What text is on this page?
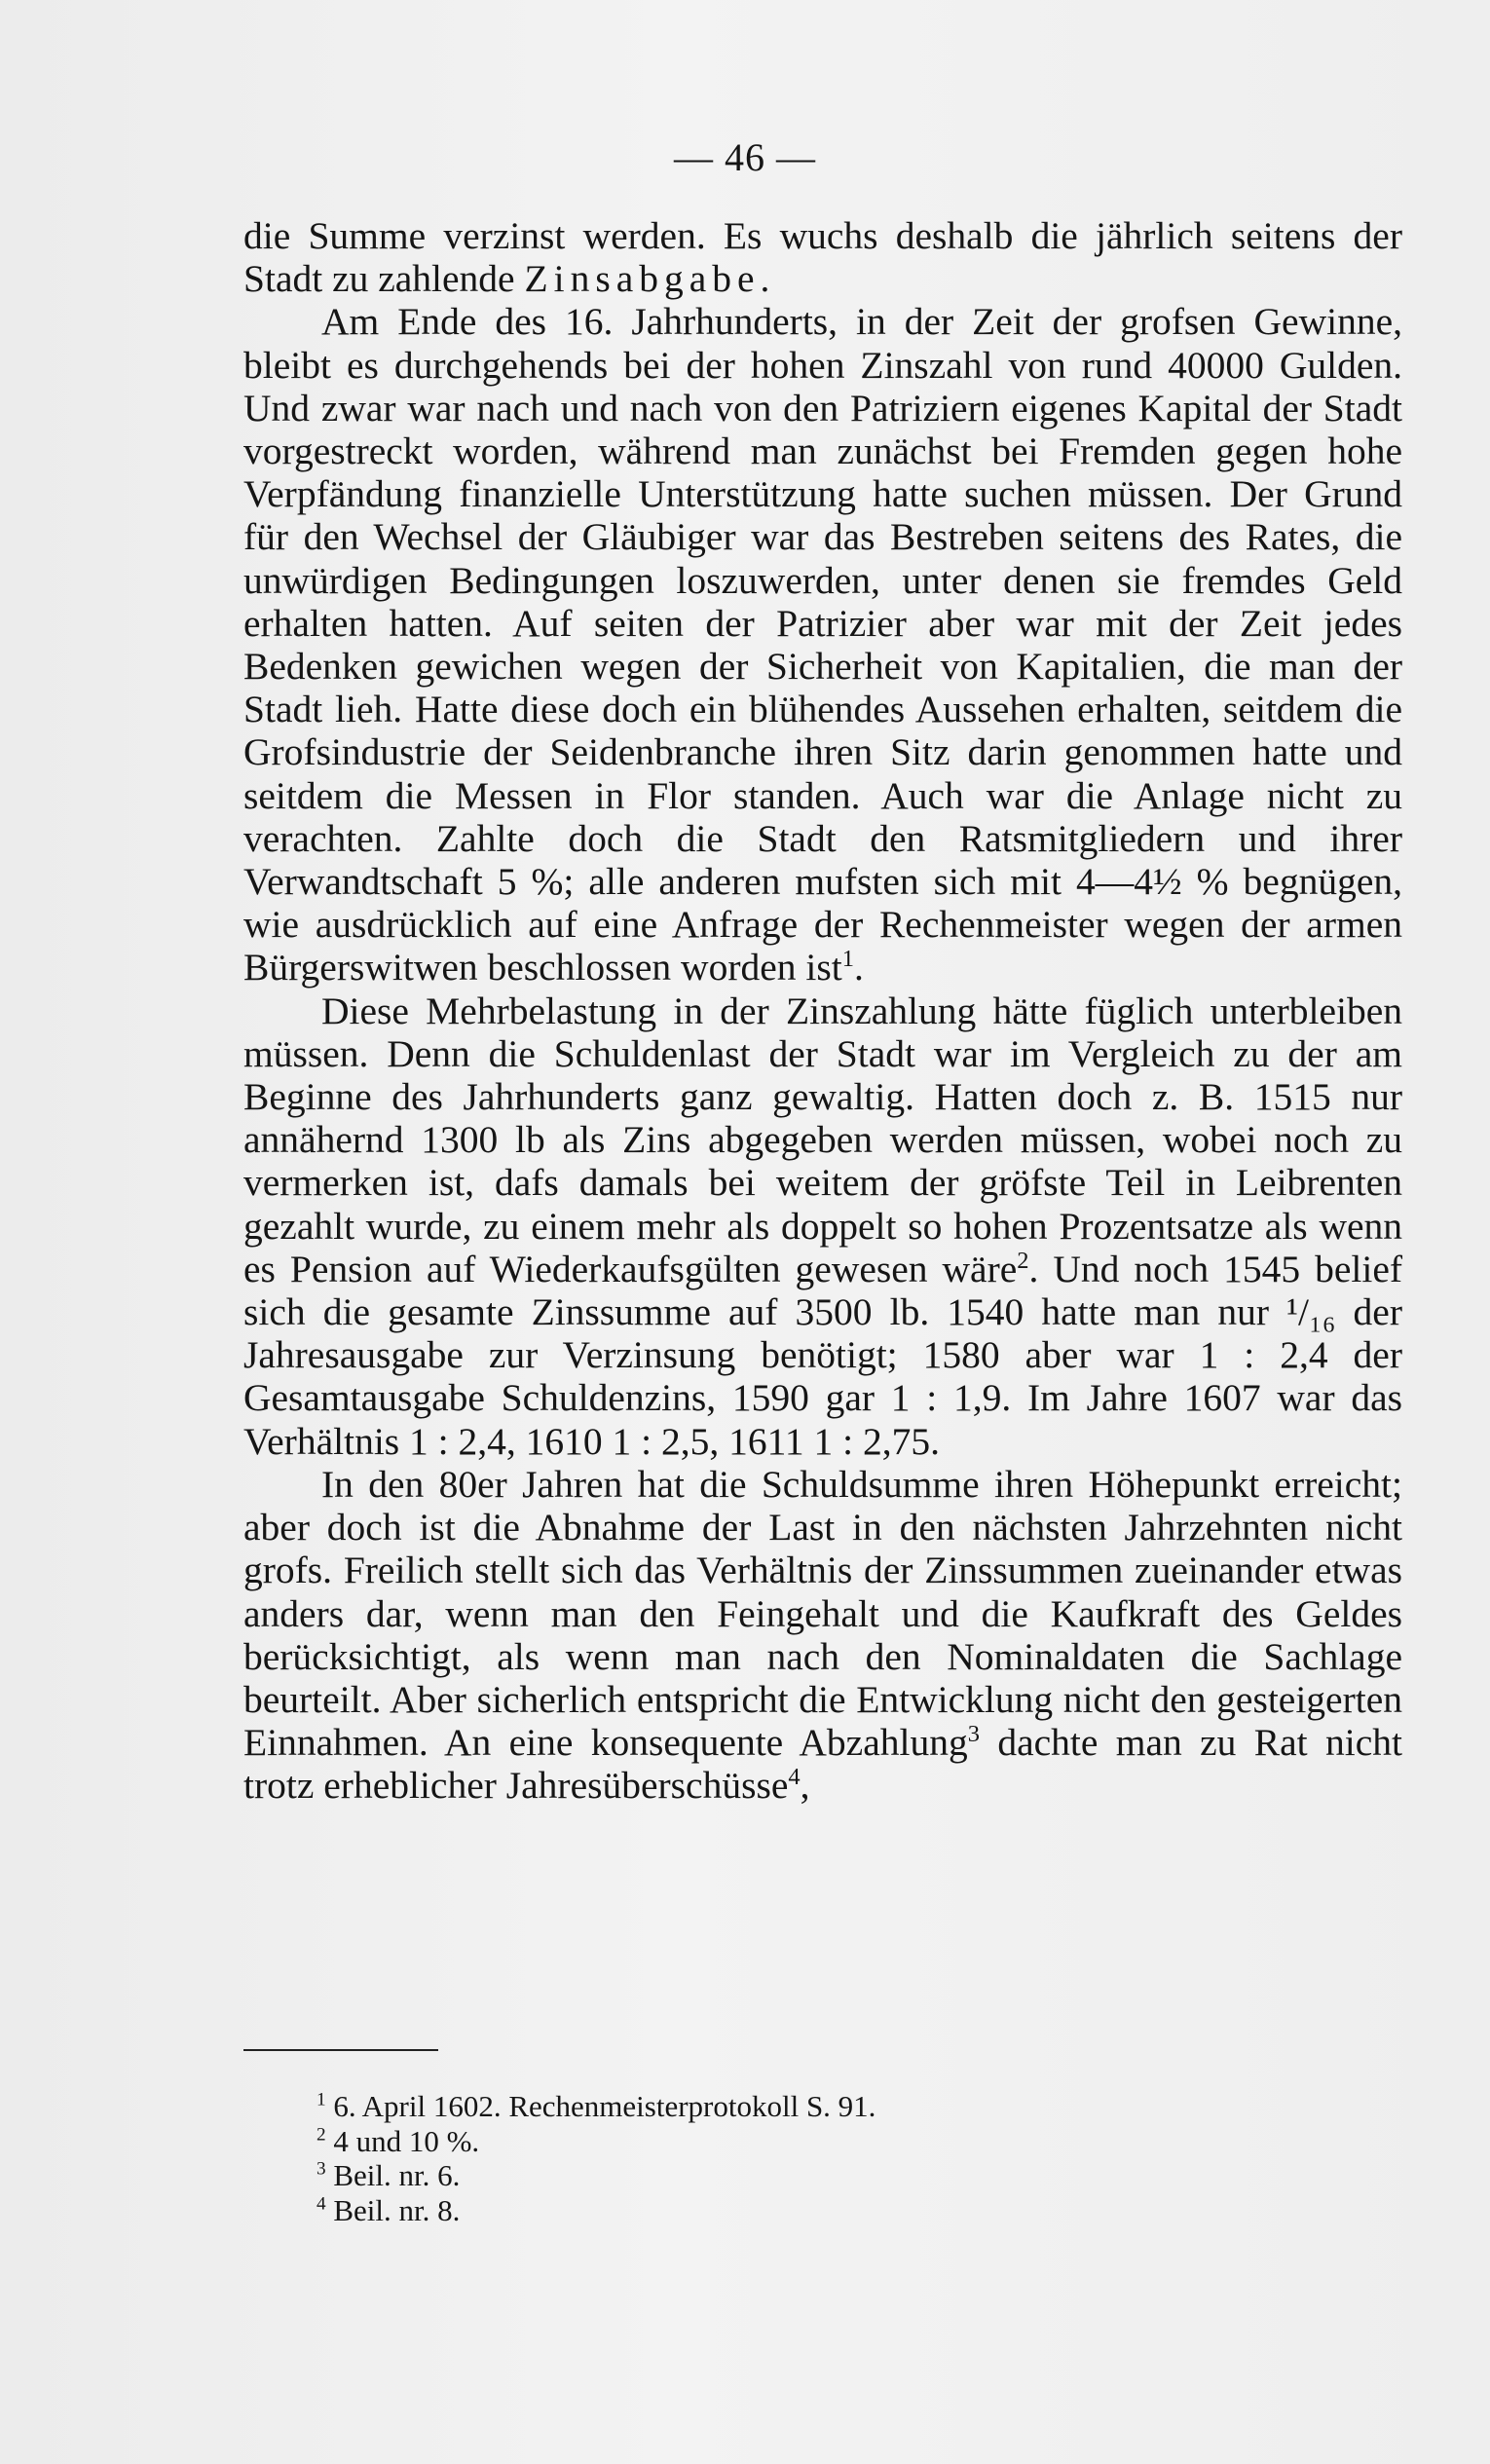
— 46 —

die Summe verzinst werden. Es wuchs deshalb die jährlich seitens der Stadt zu zahlende Zinsabgabe.

Am Ende des 16. Jahrhunderts, in der Zeit der grofsen Gewinne, bleibt es durchgehends bei der hohen Zinszahl von rund 40000 Gulden. Und zwar war nach und nach von den Patriziern eigenes Kapital der Stadt vorgestreckt worden, während man zunächst bei Fremden gegen hohe Verpfändung finanzielle Unterstützung hatte suchen müssen. Der Grund für den Wechsel der Gläubiger war das Bestreben seitens des Rates, die unwürdigen Bedingungen loszuwerden, unter denen sie fremdes Geld erhalten hatten. Auf seiten der Patrizier aber war mit der Zeit jedes Bedenken gewichen wegen der Sicherheit von Kapitalien, die man der Stadt lieh. Hatte diese doch ein blühendes Aussehen erhalten, seitdem die Grofsindustrie der Seidenbranche ihren Sitz darin genommen hatte und seitdem die Messen in Flor standen. Auch war die Anlage nicht zu verachten. Zahlte doch die Stadt den Ratsmitgliedern und ihrer Verwandtschaft 5 %; alle anderen mufsten sich mit 4—4½ % begnügen, wie ausdrücklich auf eine Anfrage der Rechenmeister wegen der armen Bürgerswitwen beschlossen worden ist$^1$.

Diese Mehrbelastung in der Zinszahlung hätte füglich unterbleiben müssen. Denn die Schuldenlast der Stadt war im Vergleich zu der am Beginne des Jahrhunderts ganz gewaltig. Hatten doch z. B. 1515 nur annähernd 1300 lb als Zins abgegeben werden müssen, wobei noch zu vermerken ist, dafs damals bei weitem der gröfste Teil in Leibrenten gezahlt wurde, zu einem mehr als doppelt so hohen Prozentsatze als wenn es Pension auf Wiederkaufsgülten gewesen wäre$^2$. Und noch 1545 belief sich die gesamte Zinssumme auf 3500 lb. 1540 hatte man nur ¹/₁₆ der Jahresausgabe zur Verzinsung benötigt; 1580 aber war 1 : 2,4 der Gesamtausgabe Schuldenzins, 1590 gar 1 : 1,9. Im Jahre 1607 war das Verhältnis 1 : 2,4, 1610 1 : 2,5, 1611 1 : 2,75.

In den 80er Jahren hat die Schuldsumme ihren Höhepunkt erreicht; aber doch ist die Abnahme der Last in den nächsten Jahrzehnten nicht grofs. Freilich stellt sich das Verhältnis der Zinssummen zueinander etwas anders dar, wenn man den Feingehalt und die Kaufkraft des Geldes berücksichtigt, als wenn man nach den Nominaldaten die Sachlage beurteilt. Aber sicherlich entspricht die Entwicklung nicht den gesteigerten Einnahmen. An eine konsequente Abzahlung$^3$ dachte man zu Rat nicht trotz erheblicher Jahresüberschüsse$^4$,

$^1$ 6. April 1602. Rechenmeisterprotokoll S. 91.
$^2$ 4 und 10 %.
$^3$ Beil. nr. 6.
$^4$ Beil. nr. 8.
